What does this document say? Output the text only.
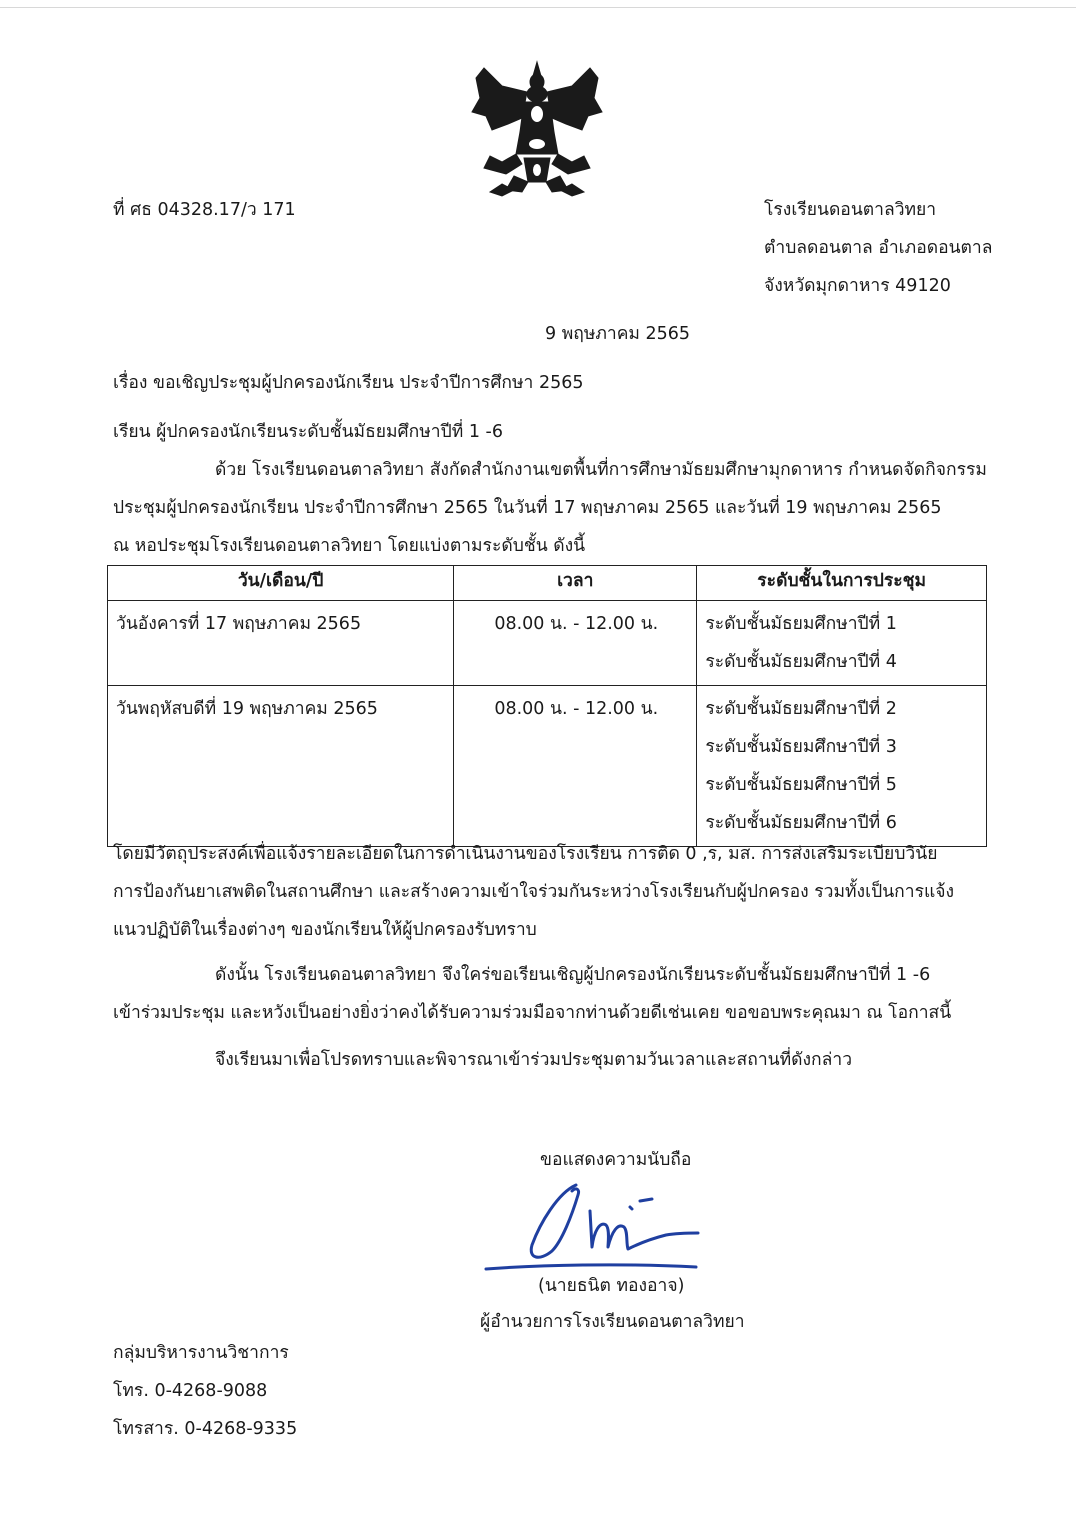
ที่ ศธ 04328.17/ว 171	โรงเรียนดอนตาลวิทยา
ตำบลดอนตาล อำเภอดอนตาล
จังหวัดมุกดาหาร 49120
9 พฤษภาคม 2565
เรื่อง ขอเชิญประชุมผู้ปกครองนักเรียน ประจำปีการศึกษา 2565
เรียน ผู้ปกครองนักเรียนระดับชั้นมัธยมศึกษาปีที่ 1 -6
ด้วย โรงเรียนดอนตาลวิทยา สังกัดสำนักงานเขตพื้นที่การศึกษามัธยมศึกษามุกดาหาร กำหนดจัดกิจกรรม
ประชุมผู้ปกครองนักเรียน ประจำปีการศึกษา 2565 ในวันที่ 17 พฤษภาคม 2565 และวันที่ 19 พฤษภาคม 2565
ณ หอประชุมโรงเรียนดอนตาลวิทยา โดยแบ่งตามระดับชั้น ดังนี้
วัน/เดือน/ปี	เวลา	ระดับชั้นในการประชุม
วันอังคารที่ 17 พฤษภาคม 2565	08.00 น. - 12.00 น.	ระดับชั้นมัธยมศึกษาปีที่ 1
ระดับชั้นมัธยมศึกษาปีที่ 4

วันพฤหัสบดีที่ 19 พฤษภาคม 2565	08.00 น. - 12.00 น.	ระดับชั้นมัธยมศึกษาปีที่ 2
ระดับชั้นมัธยมศึกษาปีที่ 3
ระดับชั้นมัธยมศึกษาปีที่ 5
ระดับชั้นมัธยมศึกษาปีที่ 6
โดยมีวัตถุประสงค์เพื่อแจ้งรายละเอียดในการดำเนินงานของโรงเรียน การติด 0 ,ร, มส. การส่งเสริมระเบียบวินัย
การป้องกันยาเสพติดในสถานศึกษา และสร้างความเข้าใจร่วมกันระหว่างโรงเรียนกับผู้ปกครอง รวมทั้งเป็นการแจ้ง
แนวปฏิบัติในเรื่องต่างๆ ของนักเรียนให้ผู้ปกครองรับทราบ
ดังนั้น โรงเรียนดอนตาลวิทยา จึงใคร่ขอเรียนเชิญผู้ปกครองนักเรียนระดับชั้นมัธยมศึกษาปีที่ 1 -6
เข้าร่วมประชุม และหวังเป็นอย่างยิ่งว่าคงได้รับความร่วมมือจากท่านด้วยดีเช่นเคย ขอขอบพระคุณมา ณ โอกาสนี้
จึงเรียนมาเพื่อโปรดทราบและพิจารณาเข้าร่วมประชุมตามวันเวลาและสถานที่ดังกล่าว
ขอแสดงความนับถือ
(นายธนิต ทองอาจ)
ผู้อำนวยการโรงเรียนดอนตาลวิทยา
กลุ่มบริหารงานวิชาการ
โทร. 0-4268-9088
โทรสาร. 0-4268-9335
